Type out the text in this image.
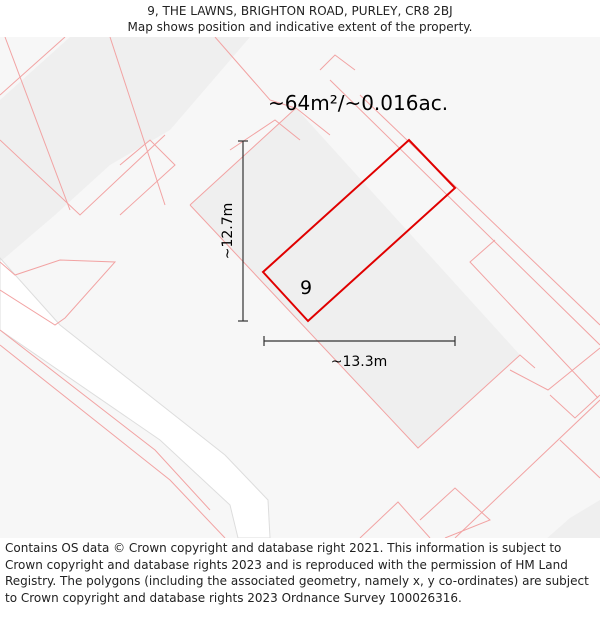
9, THE LAWNS, BRIGHTON ROAD, PURLEY, CR8 2BJ
Map shows position and indicative extent of the property.
~64m²/~0.016ac.
9
~12.7m
~13.3m
Contains OS data © Crown copyright and database right 2021. This information is subject to Crown copyright and database rights 2023 and is reproduced with the permission of HM Land Registry. The polygons (including the associated geometry, namely x, y co-ordinates) are subject to Crown copyright and database rights 2023 Ordnance Survey 100026316.
